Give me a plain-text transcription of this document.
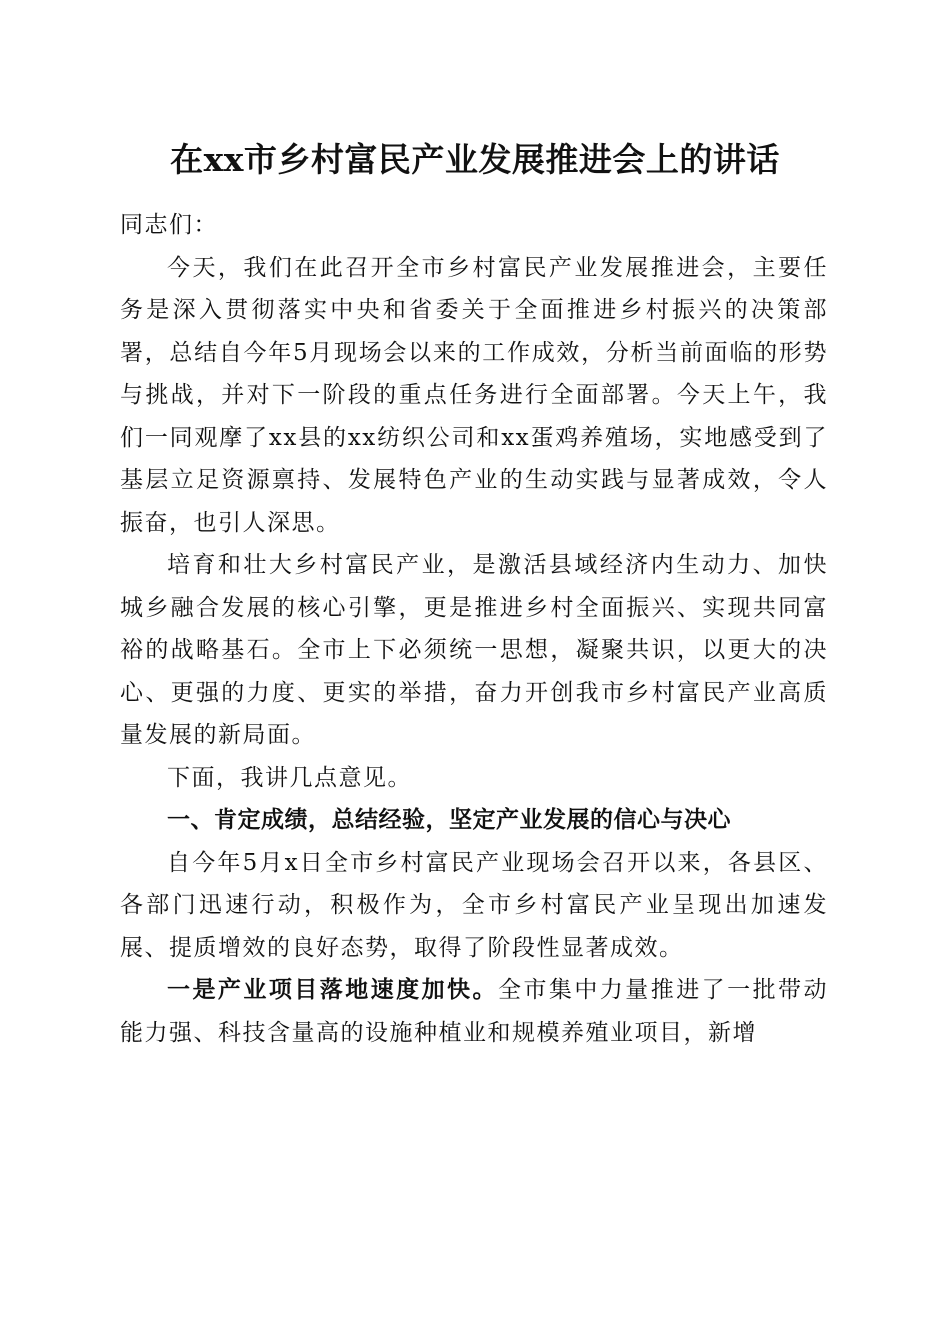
在xx市乡村富民产业发展推进会上的讲话

同志们：

今天，我们在此召开全市乡村富民产业发展推进会，主要任务是深入贯彻落实中央和省委关于全面推进乡村振兴的决策部署，总结自今年5月现场会以来的工作成效，分析当前面临的形势与挑战，并对下一阶段的重点任务进行全面部署。今天上午，我们一同观摩了xx县的xx纺织公司和xx蛋鸡养殖场，实地感受到了基层立足资源禀持、发展特色产业的生动实践与显著成效，令人振奋，也引人深思。

培育和壮大乡村富民产业，是激活县域经济内生动力、加快城乡融合发展的核心引擎，更是推进乡村全面振兴、实现共同富裕的战略基石。全市上下必须统一思想，凝聚共识，以更大的决心、更强的力度、更实的举措，奋力开创我市乡村富民产业高质量发展的新局面。

下面，我讲几点意见。

一、肯定成绩，总结经验，坚定产业发展的信心与决心

自今年5月x日全市乡村富民产业现场会召开以来，各县区、各部门迅速行动，积极作为，全市乡村富民产业呈现出加速发展、提质增效的良好态势，取得了阶段性显著成效。

一是产业项目落地速度加快。全市集中力量推进了一批带动能力强、科技含量高的设施种植业和规模养殖业项目，新增
